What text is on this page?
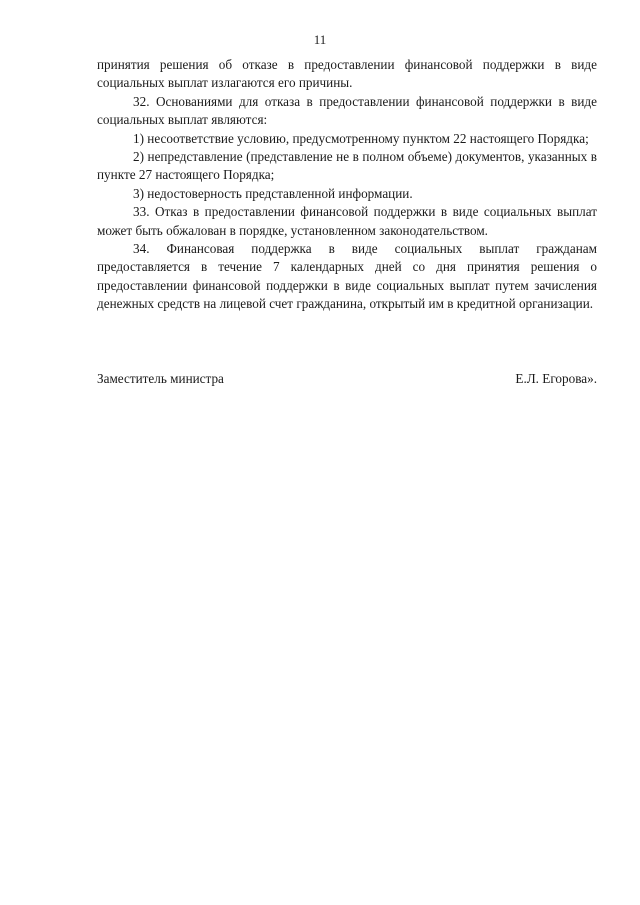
11

принятия решения об отказе в предоставлении финансовой поддержки в виде социальных выплат излагаются его причины.

32. Основаниями для отказа в предоставлении финансовой поддержки в виде социальных выплат являются:

1) несоответствие условию, предусмотренному пунктом 22 настоящего Порядка;

2) непредставление (представление не в полном объеме) документов, указанных в пункте 27 настоящего Порядка;

3) недостоверность представленной информации.

33. Отказ в предоставлении финансовой поддержки в виде социальных выплат может быть обжалован в порядке, установленном законодательством.

34. Финансовая поддержка в виде социальных выплат гражданам предоставляется в течение 7 календарных дней со дня принятия решения о предоставлении финансовой поддержки в виде социальных выплат путем зачисления денежных средств на лицевой счет гражданина, открытый им в кредитной организации.

Заместитель министра	Е.Л. Егорова».
